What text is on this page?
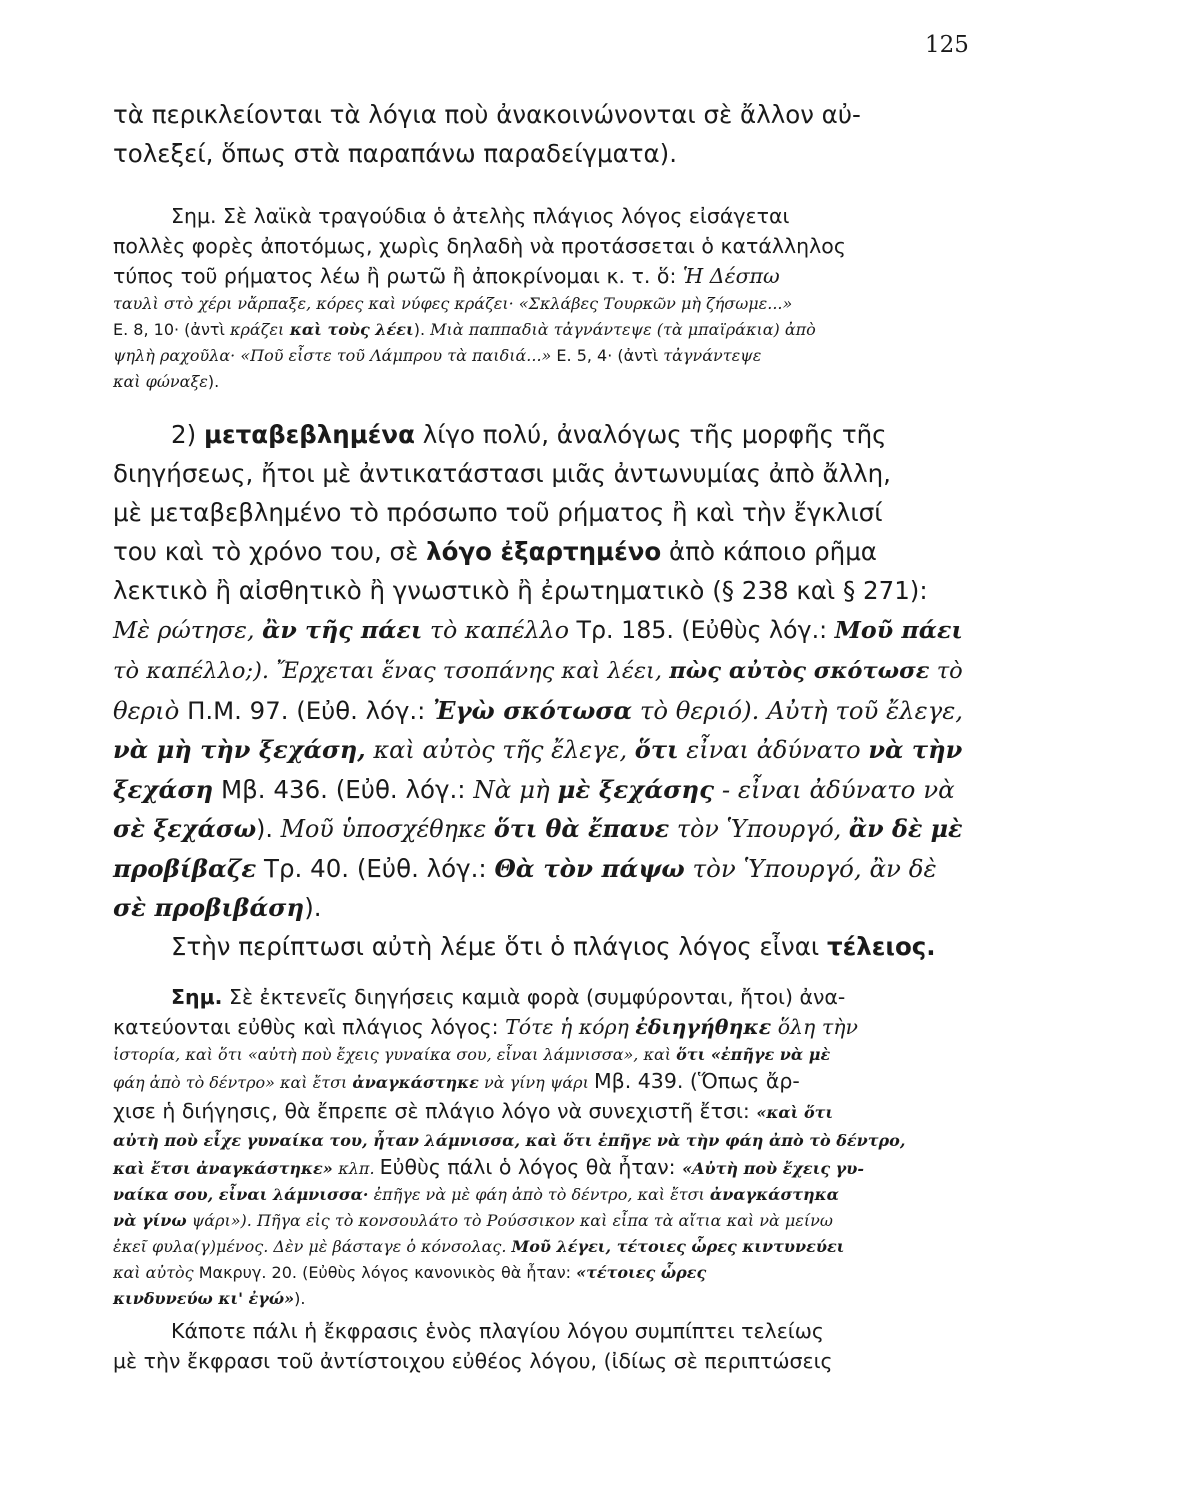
125
τὰ περικλείονται τὰ λόγια ποὺ ἀνακοινώνονται σὲ ἄλλον αὐ-
τολεξεί, ὅπως στὰ παραπάνω παραδείγματα).
Σημ. Σὲ λαϊκὰ τραγούδια ὁ ἀτελὴς πλάγιος λόγος εἰσάγεται
πολλὲς φορὲς ἀποτόμως, χωρὶς δηλαδὴ νὰ προτάσσεται ὁ κατάλληλος
τύπος τοῦ ρήματος λέω ἢ ρωτῶ ἢ ἀποκρίνομαι κ. τ. ὅ: Ἡ Δέσπω
ταυλὶ στὸ χέρι νἄρπαξε, κόρες καὶ νύφες κράζει· «Σκλάβες Τουρκῶν μὴ ζήσωμε...»
Ε. 8, 10· (ἀντὶ κράζει καὶ τοὺς λέει). Μιὰ παππαδιὰ τἀγνάντεψε (τὰ μπαϊράκια) ἀπὸ
ψηλὴ ραχοῦλα· «Ποῦ εἶστε τοῦ Λάμπρου τὰ παιδιά...» Ε. 5, 4· (ἀντὶ τἀγνάντεψε
καὶ φώναξε).
2) μεταβεβλημένα λίγο πολύ, ἀναλόγως τῆς μορφῆς τῆς
διηγήσεως, ἤτοι μὲ ἀντικατάστασι μιᾶς ἀντωνυμίας ἀπὸ ἄλλη,
μὲ μεταβεβλημένο τὸ πρόσωπο τοῦ ρήματος ἢ καὶ τὴν ἔγκλισί
του καὶ τὸ χρόνο του, σὲ λόγο ἐξαρτημένο ἀπὸ κάποιο ρῆμα
λεκτικὸ ἢ αἰσθητικὸ ἢ γνωστικὸ ἢ ἐρωτηματικὸ (§ 238 καὶ § 271):
Μὲ ρώτησε, ἂν τῆς πάει τὸ καπέλλο Τρ. 185. (Εὐθὺς λόγ.: Μοῦ πάει
τὸ καπέλλο;). Ἔρχεται ἕνας τσοπάνης καὶ λέει, πὼς αὐτὸς σκότωσε τὸ
θεριὸ Π.Μ. 97. (Εὐθ. λόγ.: Ἐγὼ σκότωσα τὸ θεριό). Αὐτὴ τοῦ ἔλεγε,
νὰ μὴ τὴν ξεχάση, καὶ αὐτὸς τῆς ἔλεγε, ὅτι εἶναι ἀδύνατο νὰ τὴν
ξεχάση Μβ. 436. (Εὐθ. λόγ.: Νὰ μὴ μὲ ξεχάσης - εἶναι ἀδύνατο νὰ
σὲ ξεχάσω). Μοῦ ὑποσχέθηκε ὅτι θὰ ἔπαυε τὸν Ὑπουργό, ἂν δὲ μὲ
προβίβαζε Τρ. 40. (Εὐθ. λόγ.: Θὰ τὸν πάψω τὸν Ὑπουργό, ἂν δὲ
σὲ προβιβάση).
Στὴν περίπτωσι αὐτὴ λέμε ὅτι ὁ πλάγιος λόγος εἶναι τέλειος.
Σημ. Σὲ ἐκτενεῖς διηγήσεις καμιὰ φορὰ (συμφύρονται, ἤτοι) ἀνα-
κατεύονται εὐθὺς καὶ πλάγιος λόγος: Τότε ἡ κόρη ἐδιηγήθηκε ὅλη τὴν
ἱστορία, καὶ ὅτι «αὐτὴ ποὺ ἔχεις γυναίκα σου, εἶναι λάμνισσα», καὶ ὅτι «ἐπῆγε νὰ μὲ
φάη ἀπὸ τὸ δέντρο» καὶ ἔτσι ἀναγκάστηκε νὰ γίνη ψάρι Μβ. 439. (Ὅπως ἄρ-
χισε ἡ διήγησις, θὰ ἔπρεπε σὲ πλάγιο λόγο νὰ συνεχιστῆ ἔτσι: «καὶ ὅτι
αὐτὴ ποὺ εἶχε γυναίκα του, ἦταν λάμνισσα, καὶ ὅτι ἐπῆγε νὰ τὴν φάη ἀπὸ τὸ δέντρο,
καὶ ἔτσι ἀναγκάστηκε» κλπ. Εὐθὺς πάλι ὁ λόγος θὰ ἦταν: «Αὐτὴ ποὺ ἔχεις γυ-
ναίκα σου, εἶναι λάμνισσα· ἐπῆγε νὰ μὲ φάη ἀπὸ τὸ δέντρο, καὶ ἔτσι ἀναγκάστηκα
νὰ γίνω ψάρι»). Πῆγα εἰς τὸ κονσουλάτο τὸ Ρούσσικον καὶ εἶπα τὰ αἴτια καὶ νὰ μείνω
ἐκεῖ φυλα(γ)μένος. Δὲν μὲ βάσταγε ὁ κόνσολας. Μοῦ λέγει, τέτοιες ὧρες κιντυνεύει
καὶ αὐτὸς Μακρυγ. 20. (Εὐθὺς λόγος κανονικὸς θὰ ἦταν: «τέτοιες ὧρες
κινδυνεύω κι' ἐγώ»).
Κάποτε πάλι ἡ ἔκφρασις ἑνὸς πλαγίου λόγου συμπίπτει τελείως
μὲ τὴν ἔκφρασι τοῦ ἀντίστοιχου εὐθέος λόγου, (ἰδίως σὲ περιπτώσεις
